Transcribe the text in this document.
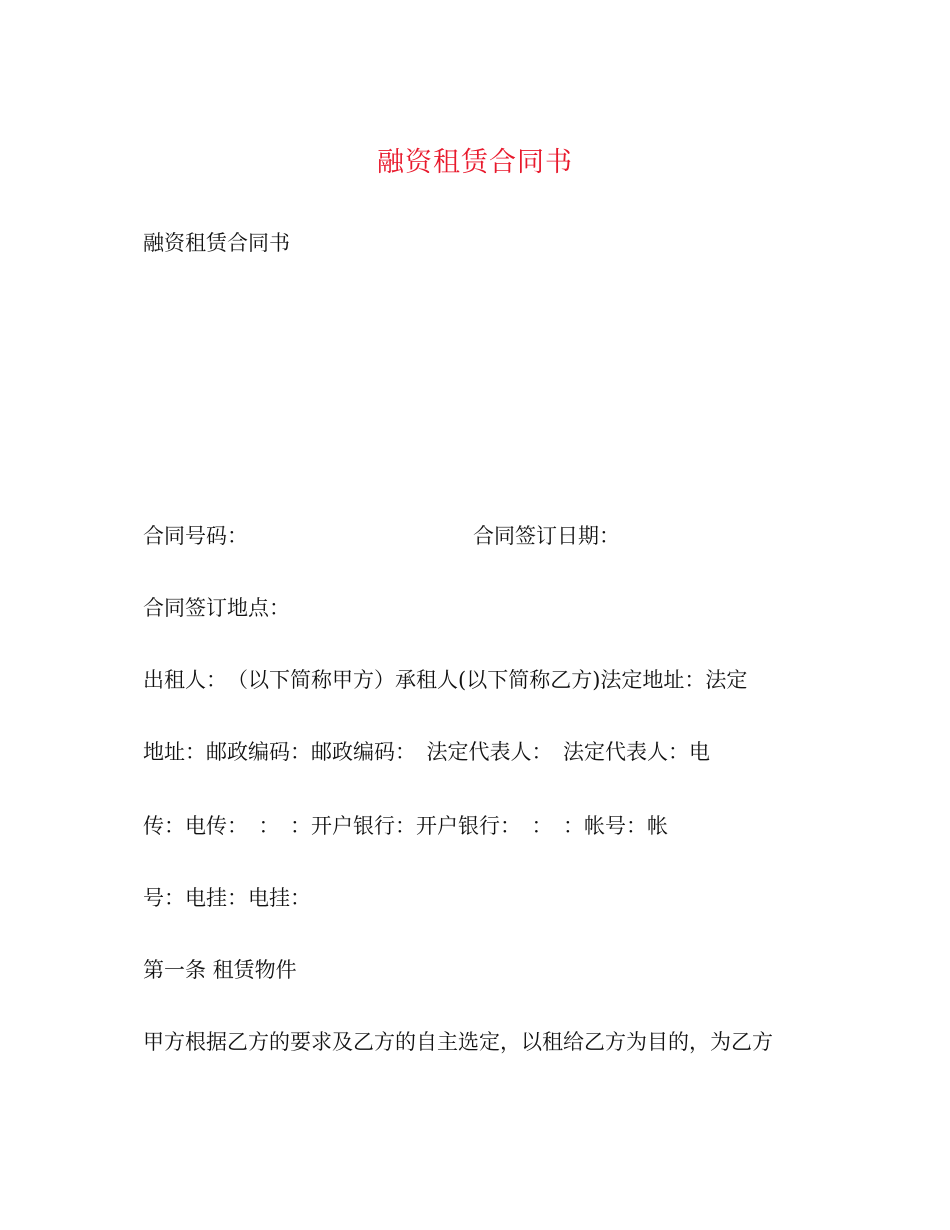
融资租赁合同书
融资租赁合同书
合同号码：	合同签订日期：
合同签订地点：
出租人：　（以下简称甲方）承租人(以下简称乙方)法定地址：法定
地址：邮政编码：邮政编码：　法定代表人：　法定代表人：电
传：电传：　：　：开户银行：开户银行：　：　：帐号：帐
号：电挂：电挂：
第一条 租赁物件
甲方根据乙方的要求及乙方的自主选定，以租给乙方为目的，为乙方
